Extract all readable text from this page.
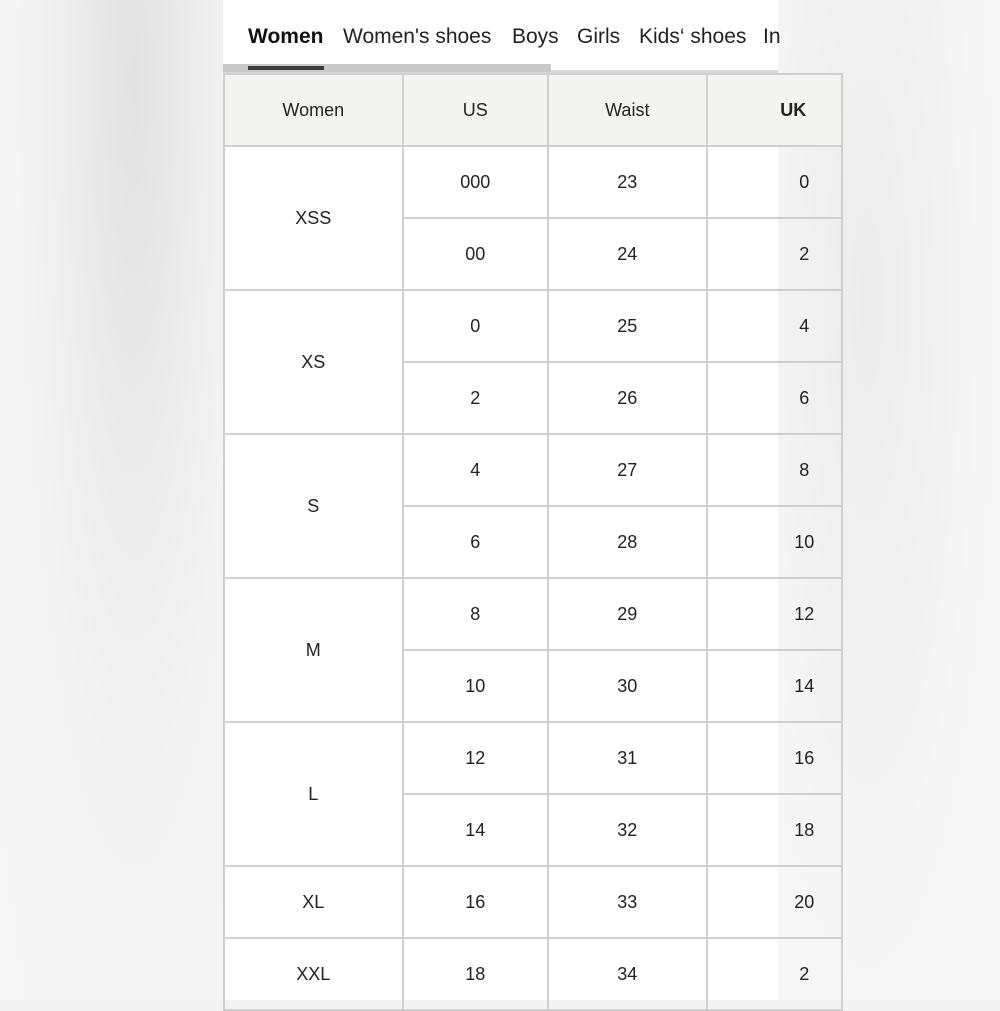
Women Women's shoes Boys Girls Kids‘ shoes In
Women	US	Waist	UK
XSS	000	23	0
	00	24	2
XS	0	25	4
	2	26	6
S	4	27	8
	6	28	10
M	8	29	12
	10	30	14
L	12	31	16
	14	32	18
XL	16	33	20
XXL	18	34	2
